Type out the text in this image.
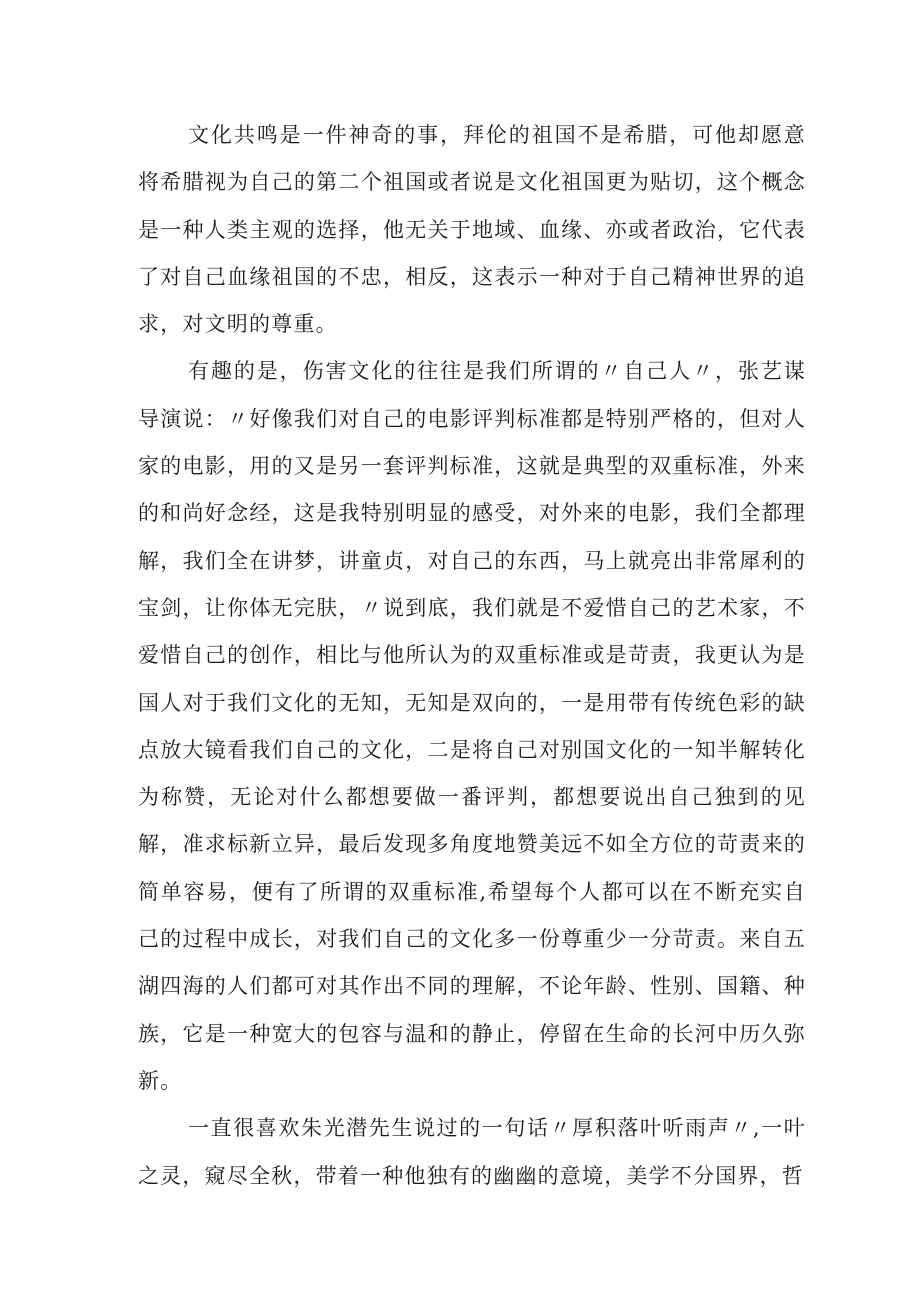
文化共鸣是一件神奇的事，拜伦的祖国不是希腊，可他却愿意将希腊视为自己的第二个祖国或者说是文化祖国更为贴切，这个概念是一种人类主观的选择，他无关于地域、血缘、亦或者政治，它代表了对自己血缘祖国的不忠，相反，这表示一种对于自己精神世界的追求，对文明的尊重。

有趣的是，伤害文化的往往是我们所谓的〃自己人〃，张艺谋导演说：〃好像我们对自己的电影评判标准都是特别严格的，但对人家的电影，用的又是另一套评判标准，这就是典型的双重标准，外来的和尚好念经，这是我特别明显的感受，对外来的电影，我们全都理解，我们全在讲梦，讲童贞，对自己的东西，马上就亮出非常犀利的宝剑，让你体无完肤，〃说到底，我们就是不爱惜自己的艺术家，不爱惜自己的创作，相比与他所认为的双重标准或是苛责，我更认为是国人对于我们文化的无知，无知是双向的，一是用带有传统色彩的缺点放大镜看我们自己的文化，二是将自己对别国文化的一知半解转化为称赞，无论对什么都想要做一番评判，都想要说出自己独到的见解，准求标新立异，最后发现多角度地赞美远不如全方位的苛责来的简单容易，便有了所谓的双重标准,希望每个人都可以在不断充实自己的过程中成长，对我们自己的文化多一份尊重少一分苛责。来自五湖四海的人们都可对其作出不同的理解，不论年龄、性别、国籍、种族，它是一种宽大的包容与温和的静止，停留在生命的长河中历久弥新。

一直很喜欢朱光潜先生说过的一句话〃厚积落叶听雨声〃,一叶之灵，窥尽全秋，带着一种他独有的幽幽的意境，美学不分国界，哲
